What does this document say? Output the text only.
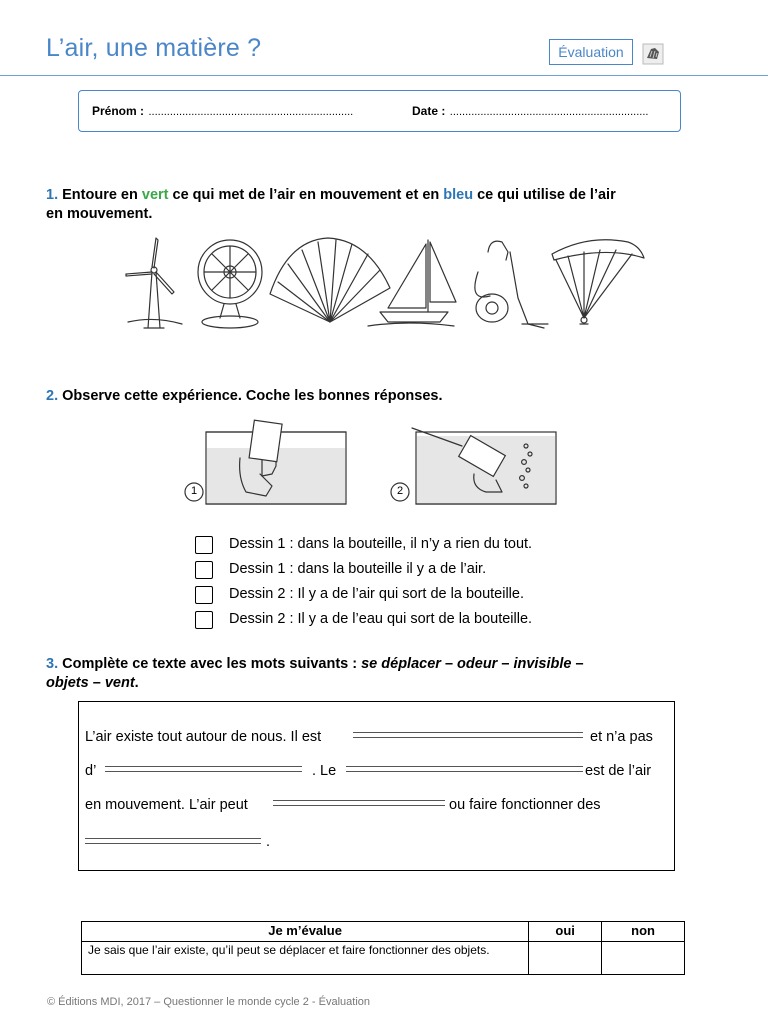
L’air, une matière ?	Évaluation
Prénom : ...................................................................	Date : .................................................................
1. Entoure en vert ce qui met de l’air en mouvement et en bleu ce qui utilise de l’air
en mouvement.
2. Observe cette expérience. Coche les bonnes réponses.
1	2
Dessin 1 : dans la bouteille, il n’y a rien du tout.
Dessin 1 : dans la bouteille il y a de l’air.
Dessin 2 : Il y a de l’air qui sort de la bouteille.
Dessin 2 : Il y a de l’eau qui sort de la bouteille.
3. Complète ce texte avec les mots suivants : se déplacer – odeur – invisible –
objets – vent.
L’air existe tout autour de nous. Il est	et n’a pas
d’	. Le	est de l’air
en mouvement. L’air peut	ou faire fonctionner des
.
Je m’évalue	oui	non
Je sais que l’air existe, qu’il peut se déplacer et faire fonctionner des objets.		
© Éditions MDI, 2017 – Questionner le monde cycle 2 - Évaluation
